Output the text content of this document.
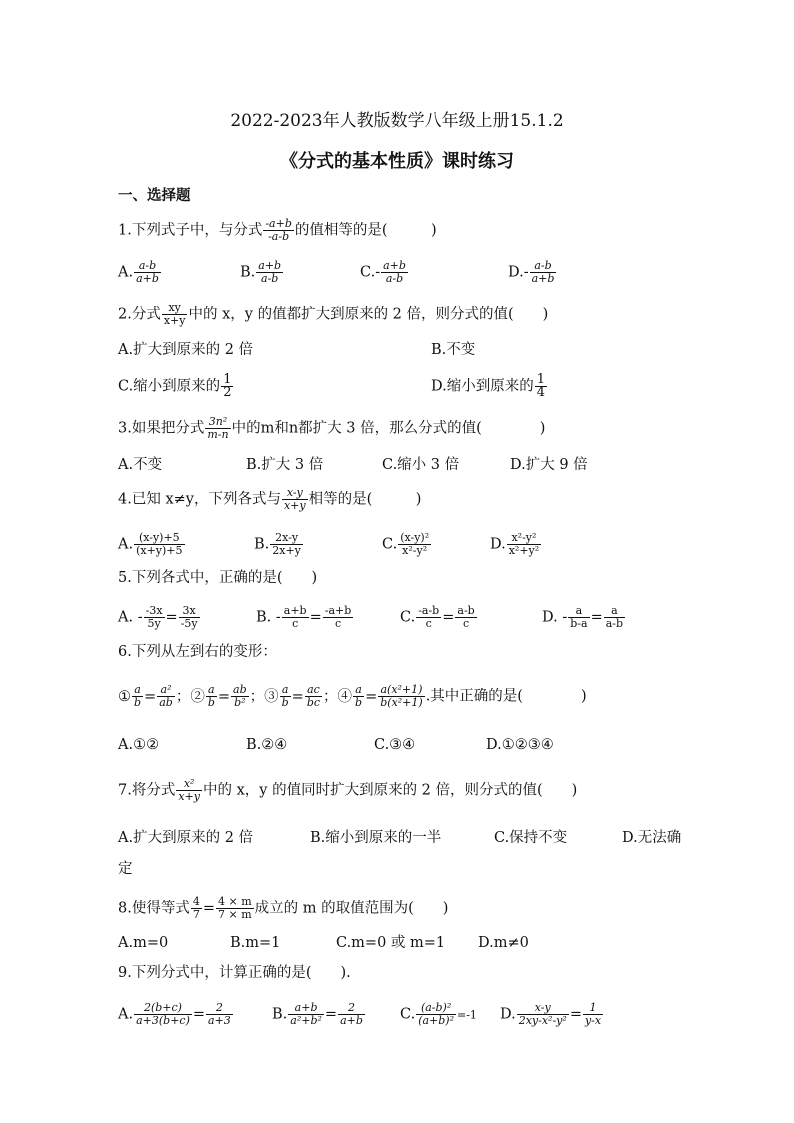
2022-2023年人教版数学八年级上册15.1.2
《分式的基本性质》课时练习
一、选择题
1.下列式子中，与分式 $\frac{-a+b}{-a-b}$ 的值相等的是(　　　)
A. $\frac{a-b}{a+b}$	B. $\frac{a+b}{a-b}$	$C.- \frac{a+b}{a-b}$	$D.- \frac{a-b}{a+b}$
2.分式 $\frac{xy}{x+y}$ 中的 x，y 的值都扩大到原来的 2 倍，则分式的值(　　)
A.扩大到原来的 2 倍	B.不变
C.缩小到原来的 $\frac{1}{2}$	D.缩小到原来的 $\frac{1}{4}$
3.如果把分式 $\frac{\text{3n²}}{m-n}$ 中的m和n都扩大 3 倍，那么分式的值(　　　　)
A.不变	B.扩大 3 倍	C.缩小 3 倍	D.扩大 9 倍
4.已知 x≠y，下列各式与 $\frac{x-y}{x+y}$ 相等的是(　　　)
A. $\frac{(x-y)+5}{(x+y)+5}$	B. $\frac{2x-y}{2x+y}$	C. $\frac{\text{(x-y)²}}{\text{x²-y²}}$	D. $\frac{\text{x²-y²}}{\text{x²+y²}}$
5.下列各式中，正确的是(　　)
A. - $\frac{-3x}{5y} = \frac{3x}{-5y}$	B. - $\frac{a+b}{c} = \frac{-a+b}{c}$	C. $\frac{-a-b}{c} = \frac{a-b}{c}$	D. - $\frac{a}{b-a} = \frac{a}{a-b}$
6.下列从左到右的变形：
① $\frac{a}{b} = \frac{\text{a²}}{ab}$ ；② $\frac{a}{b} = \frac{ab}{\text{b²}}$ ；③ $\frac{a}{b} = \frac{ac}{bc}$ ；④ $\frac{a}{b} = \frac{\text{a(x²+1)}}{\text{b(x²+1)}}$ .其中正确的是(　　　　)
A.①②	B.②④	C.③④	D.①②③④
7.将分式 $\frac{\text{x²}}{x+y}$ 中的 x，y 的值同时扩大到原来的 2 倍，则分式的值(　　)
A.扩大到原来的 2 倍	B.缩小到原来的一半	C.保持不变	D.无法确
定
8.使得等式 $\frac{4}{7} = \frac{4 \times m}{7 \times m}$ 成立的 m 的取值范围为(　　)
A.m=0	B.m=1	C.m=0 或 m=1 D.m≠0
9.下列分式中，计算正确的是(　　).
A. $\frac{2(b+c)}{a+3(b+c)} = \frac{2}{a+3}$	B. $\frac{a+b}{\text{a²+b²}} = \frac{2}{a+b} C$. $\frac{\text{(a-b)²}}{\text{(a+b)²}} =-1$ D. $\frac{x-y}{\text{2xy-x²-y²}} = \frac{1}{y-x}$
